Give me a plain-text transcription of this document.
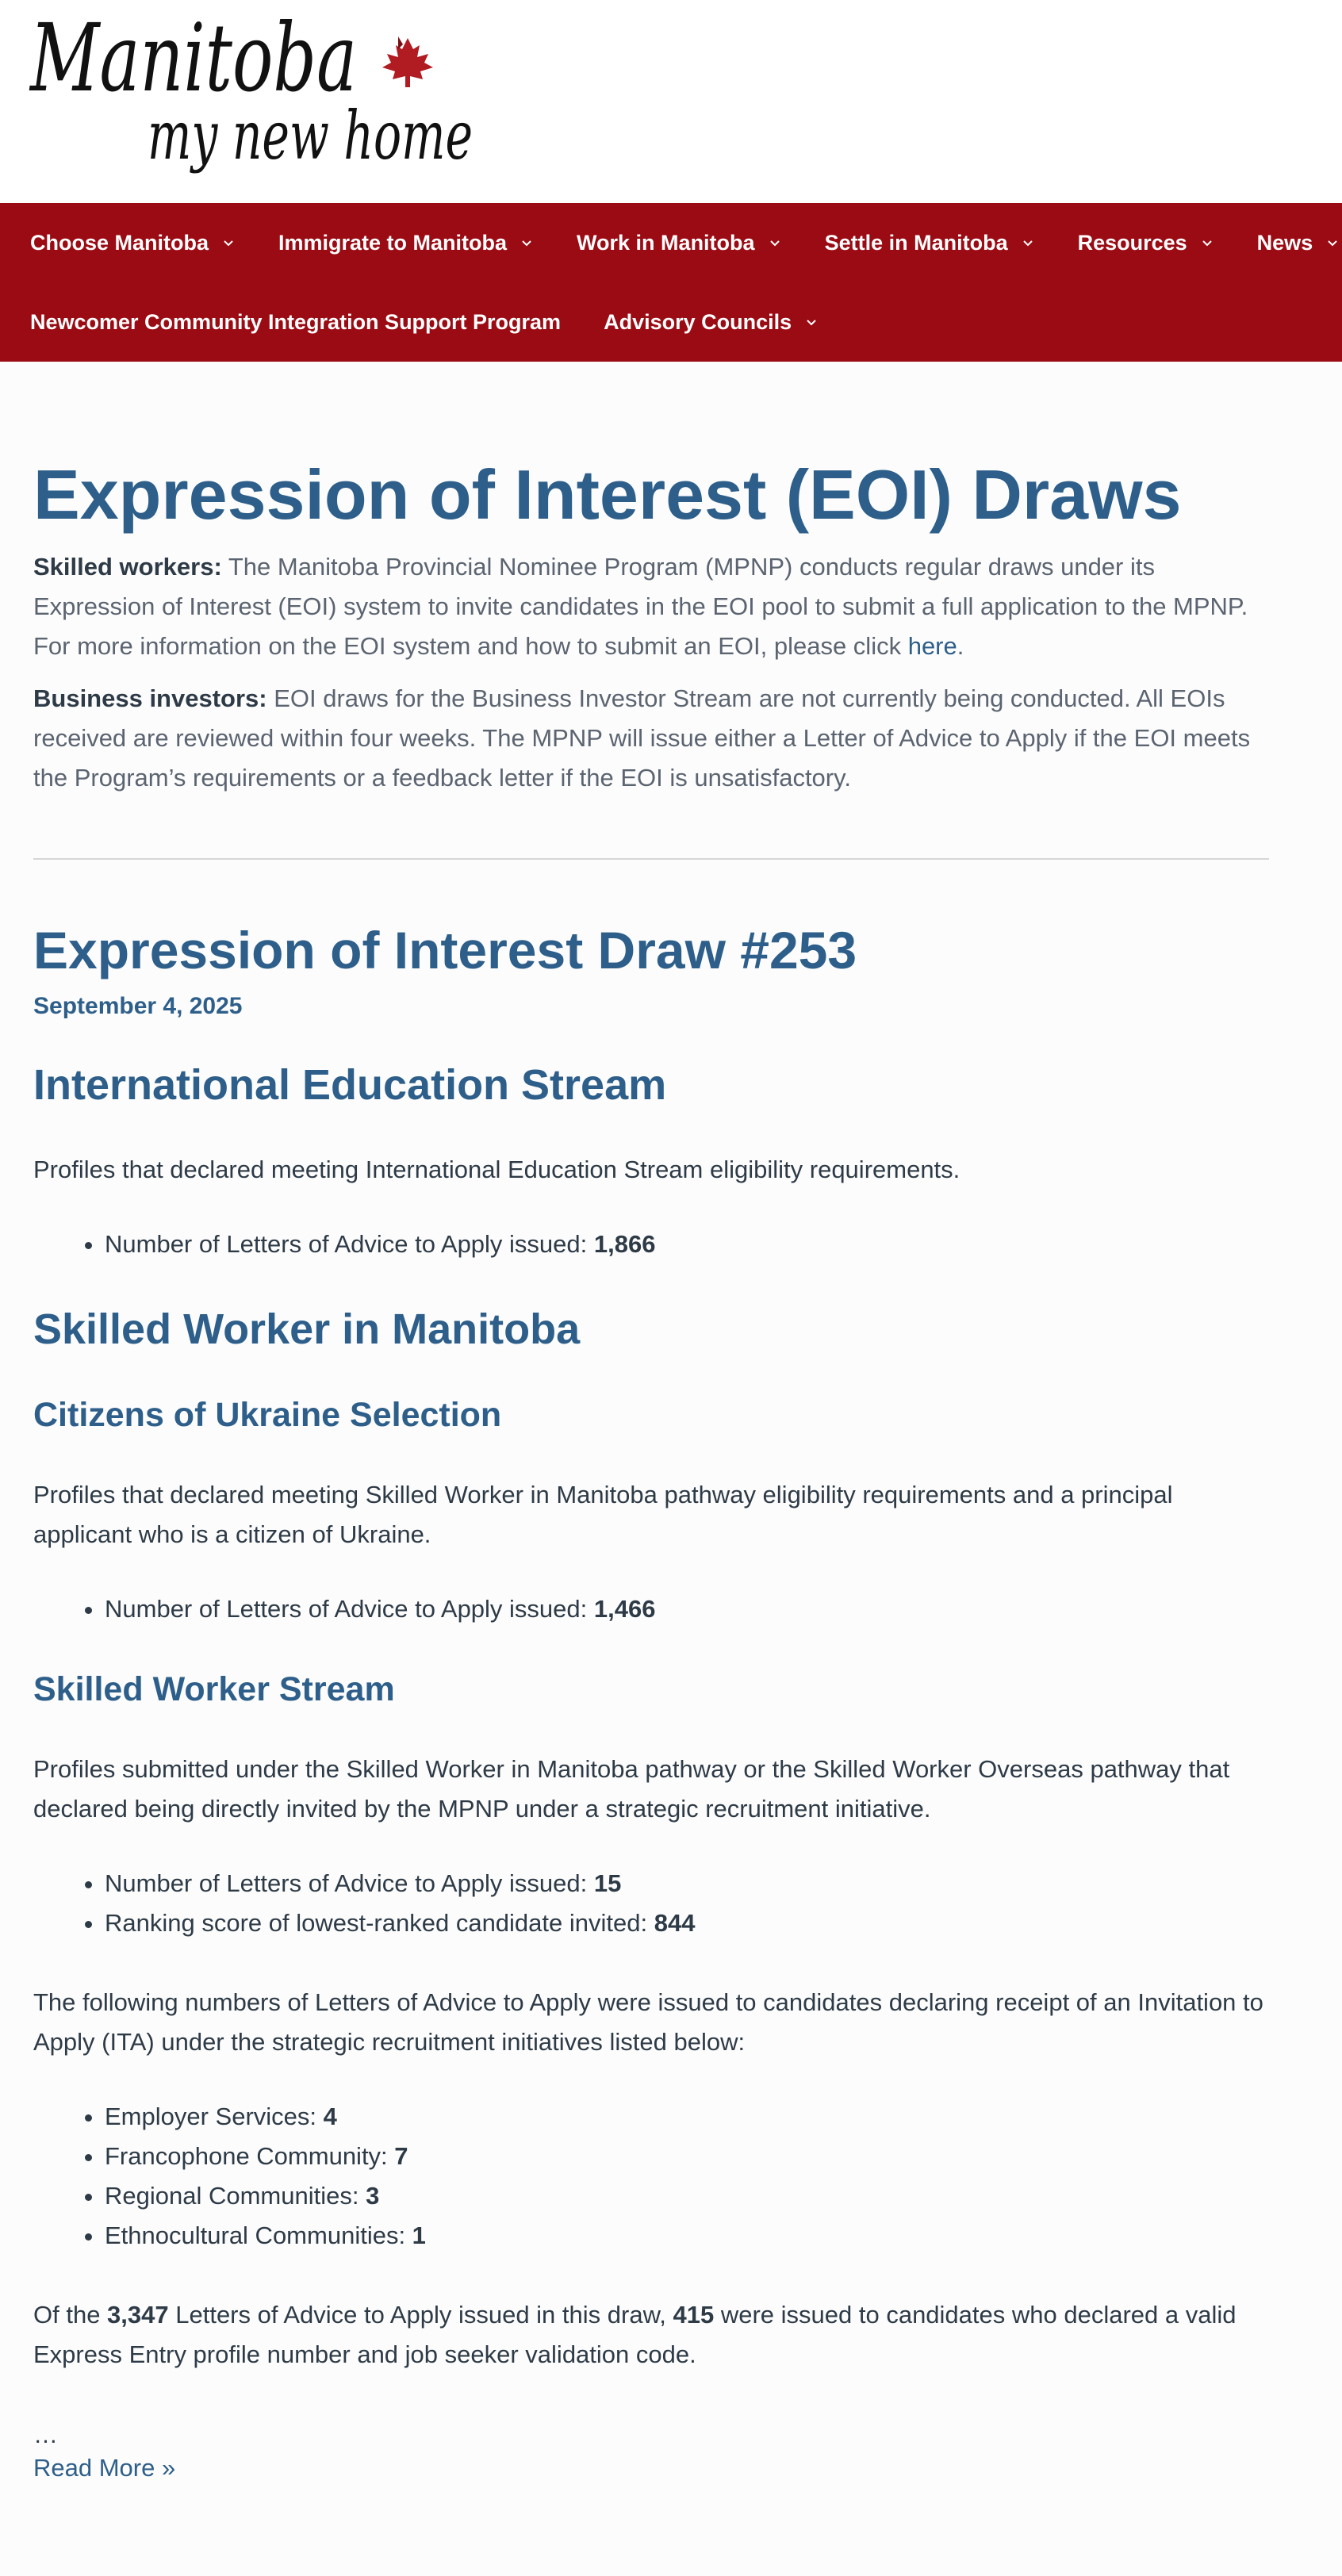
Manitoba
my new home
Choose Manitoba	Immigrate to Manitoba	Work in Manitoba	Settle in Manitoba	Resources	News
Newcomer Community Integration Support Program Advisory Councils
Expression of Interest (EOI) Draws

Skilled workers: The Manitoba Provincial Nominee Program (MPNP) conducts regular draws under its Expression of Interest (EOI) system to invite candidates in the EOI pool to submit a full application to the MPNP. For more information on the EOI system and how to submit an EOI, please click here.

Business investors: EOI draws for the Business Investor Stream are not currently being conducted. All EOIs received are reviewed within four weeks. The MPNP will issue either a Letter of Advice to Apply if the EOI meets the Program’s requirements or a feedback letter if the EOI is unsatisfactory.

Expression of Interest Draw #253
September 4, 2025
International Education Stream

Profiles that declared meeting International Education Stream eligibility requirements.

• Number of Letters of Advice to Apply issued: 1,866
Skilled Worker in Manitoba
Citizens of Ukraine Selection

Profiles that declared meeting Skilled Worker in Manitoba pathway eligibility requirements and a principal applicant who is a citizen of Ukraine.

• Number of Letters of Advice to Apply issued: 1,466
Skilled Worker Stream

Profiles submitted under the Skilled Worker in Manitoba pathway or the Skilled Worker Overseas pathway that declared being directly invited by the MPNP under a strategic recruitment initiative.

• Number of Letters of Advice to Apply issued: 15
• Ranking score of lowest-ranked candidate invited: 844

The following numbers of Letters of Advice to Apply were issued to candidates declaring receipt of an Invitation to Apply (ITA) under the strategic recruitment initiatives listed below:

• Employer Services: 4
• Francophone Community: 7
• Regional Communities: 3
• Ethnocultural Communities: 1

Of the 3,347 Letters of Advice to Apply issued in this draw, 415 were issued to candidates who declared a valid Express Entry profile number and job seeker validation code.

…
Read More »
